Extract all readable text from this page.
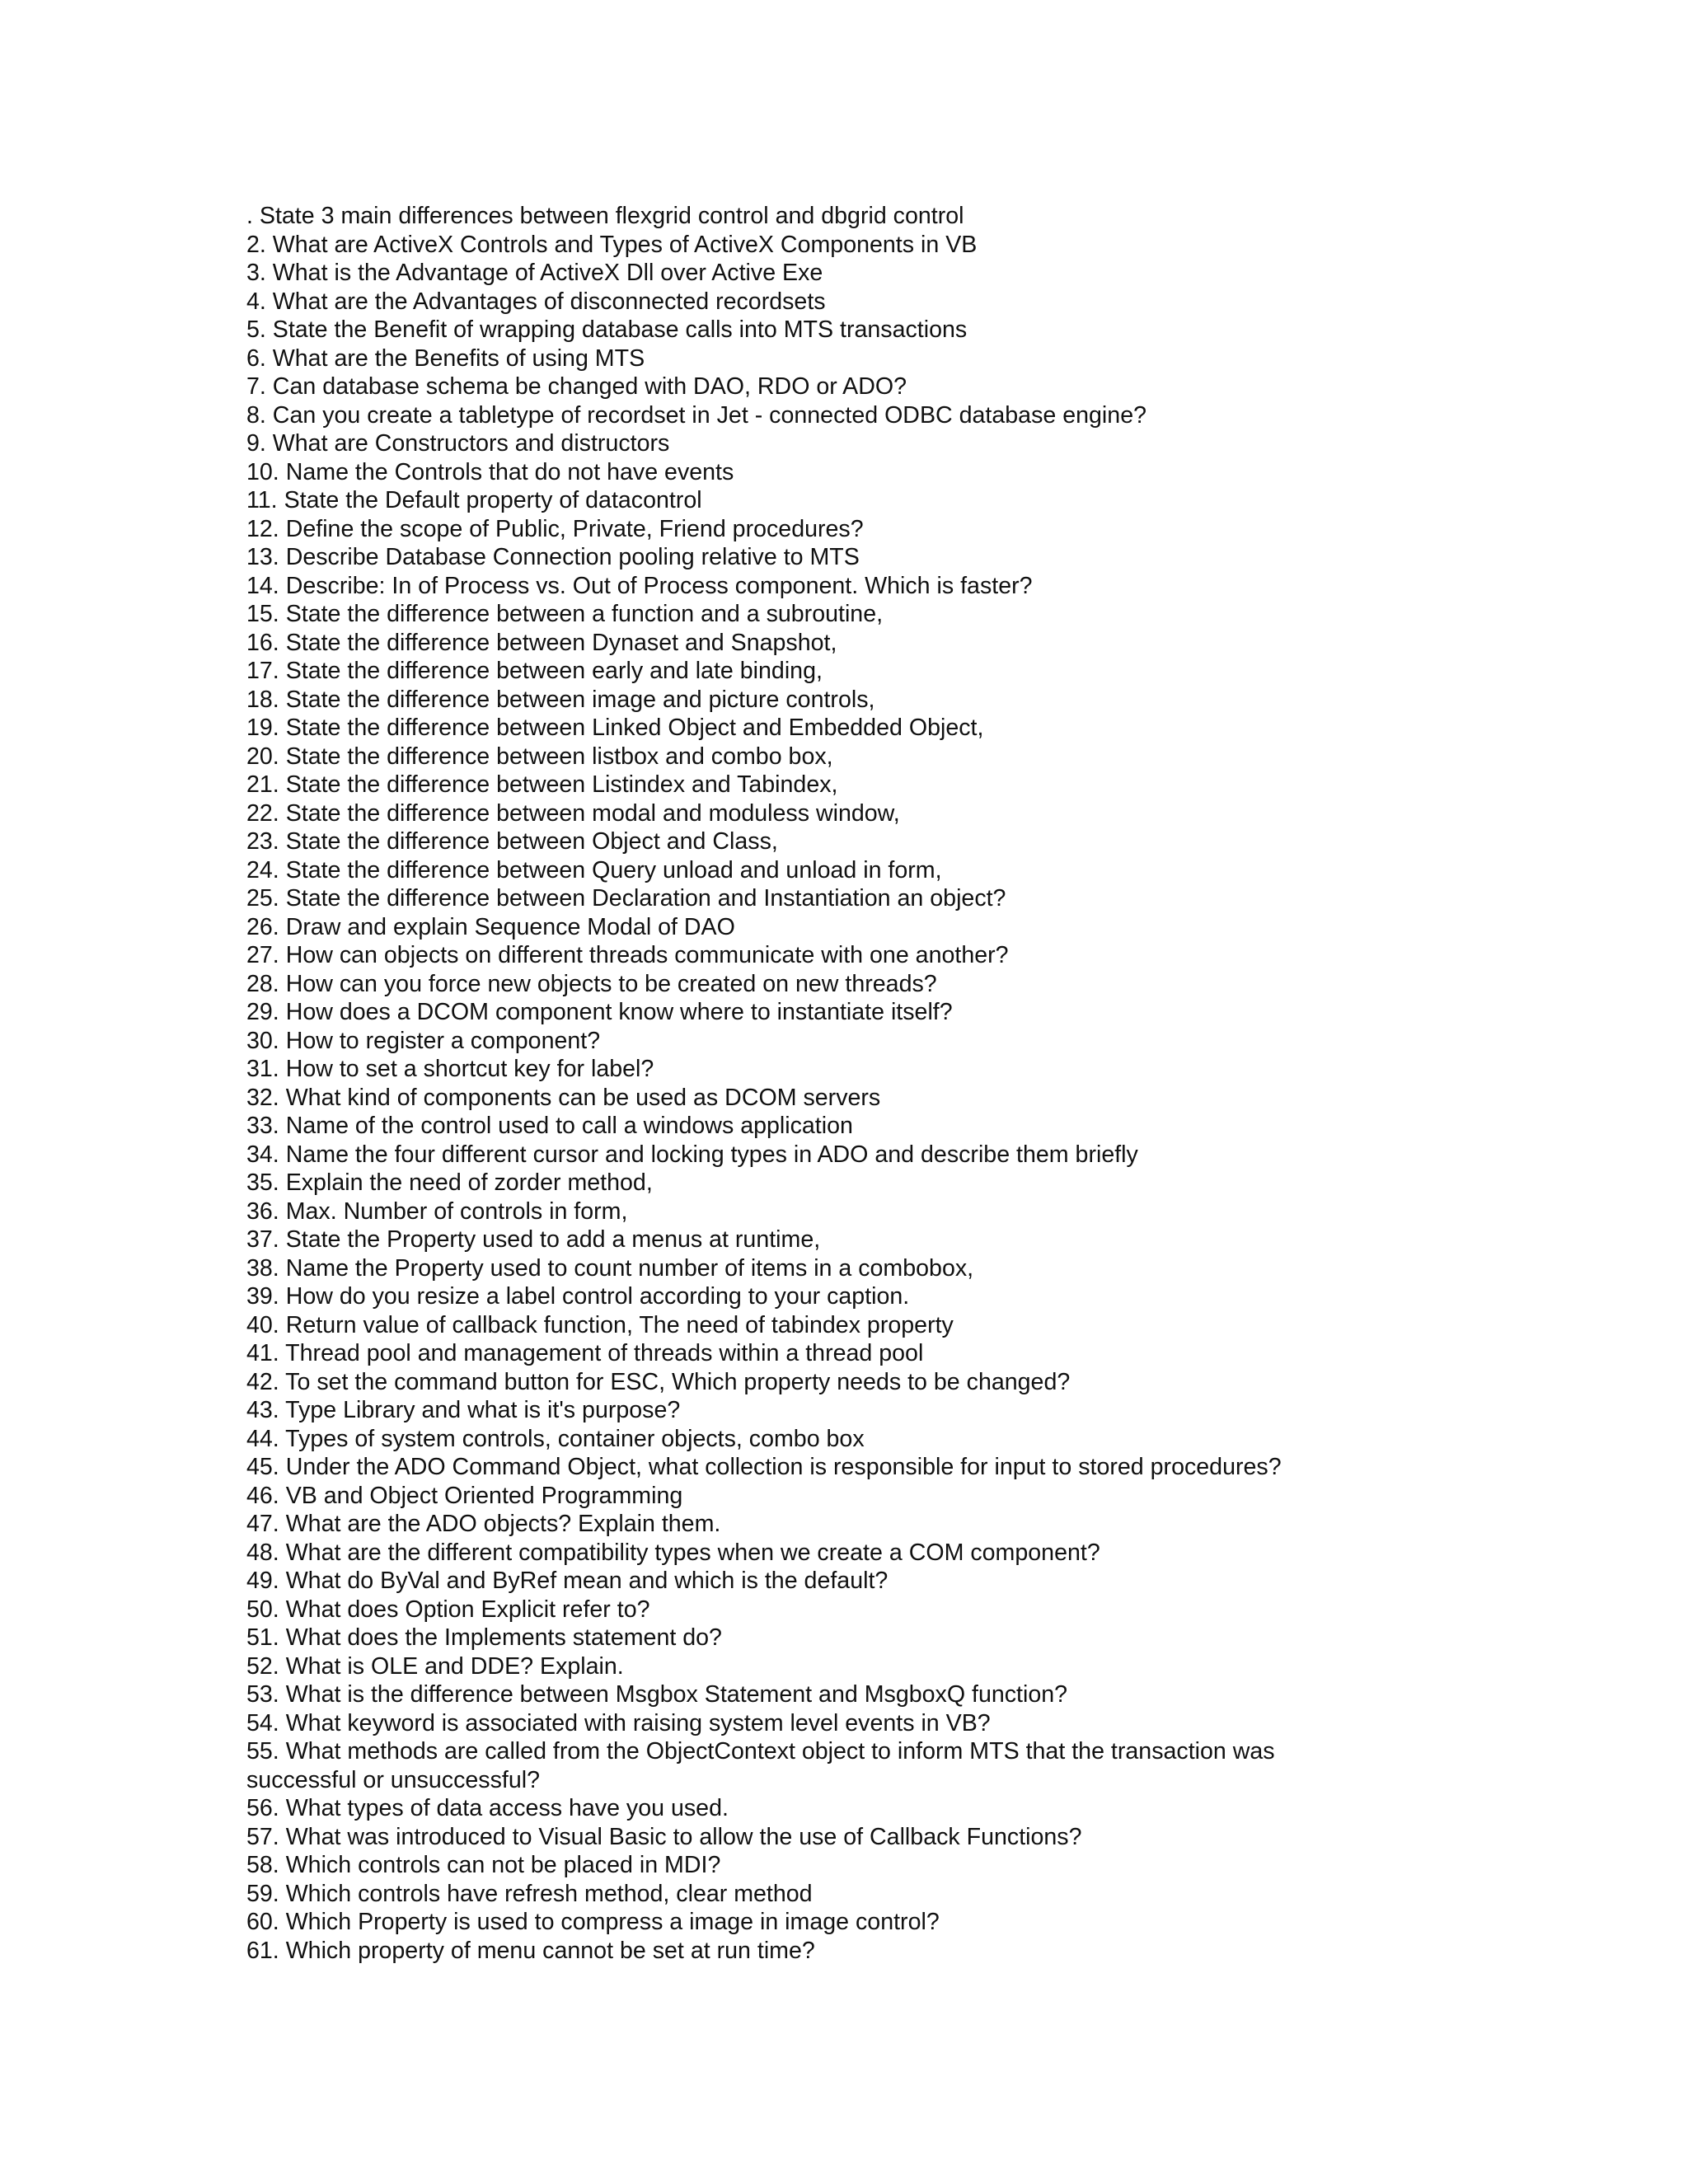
. State 3 main differences between flexgrid control and dbgrid control
2. What are ActiveX Controls and Types of ActiveX Components in VB
3. What is the Advantage of ActiveX Dll over Active Exe
4. What are the Advantages of disconnected recordsets
5. State the Benefit of wrapping database calls into MTS transactions
6. What are the Benefits of using MTS
7. Can database schema be changed with DAO, RDO or ADO?
8. Can you create a tabletype of recordset in Jet - connected ODBC database engine?
9. What are Constructors and distructors
10. Name the Controls that do not have events
11. State the Default property of datacontrol
12. Define the scope of Public, Private, Friend procedures?
13. Describe Database Connection pooling relative to MTS
14. Describe: In of Process vs. Out of Process component. Which is faster?
15. State the difference between a function and a subroutine,
16. State the difference between Dynaset and Snapshot,
17. State the difference between early and late binding,
18. State the difference between image and picture controls,
19. State the difference between Linked Object and Embedded Object,
20. State the difference between listbox and combo box,
21. State the difference between Listindex and Tabindex,
22. State the difference between modal and moduless window,
23. State the difference between Object and Class,
24. State the difference between Query unload and unload in form,
25. State the difference between Declaration and Instantiation an object?
26. Draw and explain Sequence Modal of DAO
27. How can objects on different threads communicate with one another?
28. How can you force new objects to be created on new threads?
29. How does a DCOM component know where to instantiate itself?
30. How to register a component?
31. How to set a shortcut key for label?
32. What kind of components can be used as DCOM servers
33. Name of the control used to call a windows application
34. Name the four different cursor and locking types in ADO and describe them briefly
35. Explain the need of zorder method,
36. Max. Number of controls in form,
37. State the Property used to add a menus at runtime,
38. Name the Property used to count number of items in a combobox,
39. How do you resize a label control according to your caption.
40. Return value of callback function, The need of tabindex property
41. Thread pool and management of threads within a thread pool
42. To set the command button for ESC, Which property needs to be changed?
43. Type Library and what is it's purpose?
44. Types of system controls, container objects, combo box
45. Under the ADO Command Object, what collection is responsible for input to stored procedures?
46. VB and Object Oriented Programming
47. What are the ADO objects? Explain them.
48. What are the different compatibility types when we create a COM component?
49. What do ByVal and ByRef mean and which is the default?
50. What does Option Explicit refer to?
51. What does the Implements statement do?
52. What is OLE and DDE? Explain.
53. What is the difference between Msgbox Statement and MsgboxQ function?
54. What keyword is associated with raising system level events in VB?
55. What methods are called from the ObjectContext object to inform MTS that the transaction was
successful or unsuccessful?
56. What types of data access have you used.
57. What was introduced to Visual Basic to allow the use of Callback Functions?
58. Which controls can not be placed in MDI?
59. Which controls have refresh method, clear method
60. Which Property is used to compress a image in image control?
61. Which property of menu cannot be set at run time?
